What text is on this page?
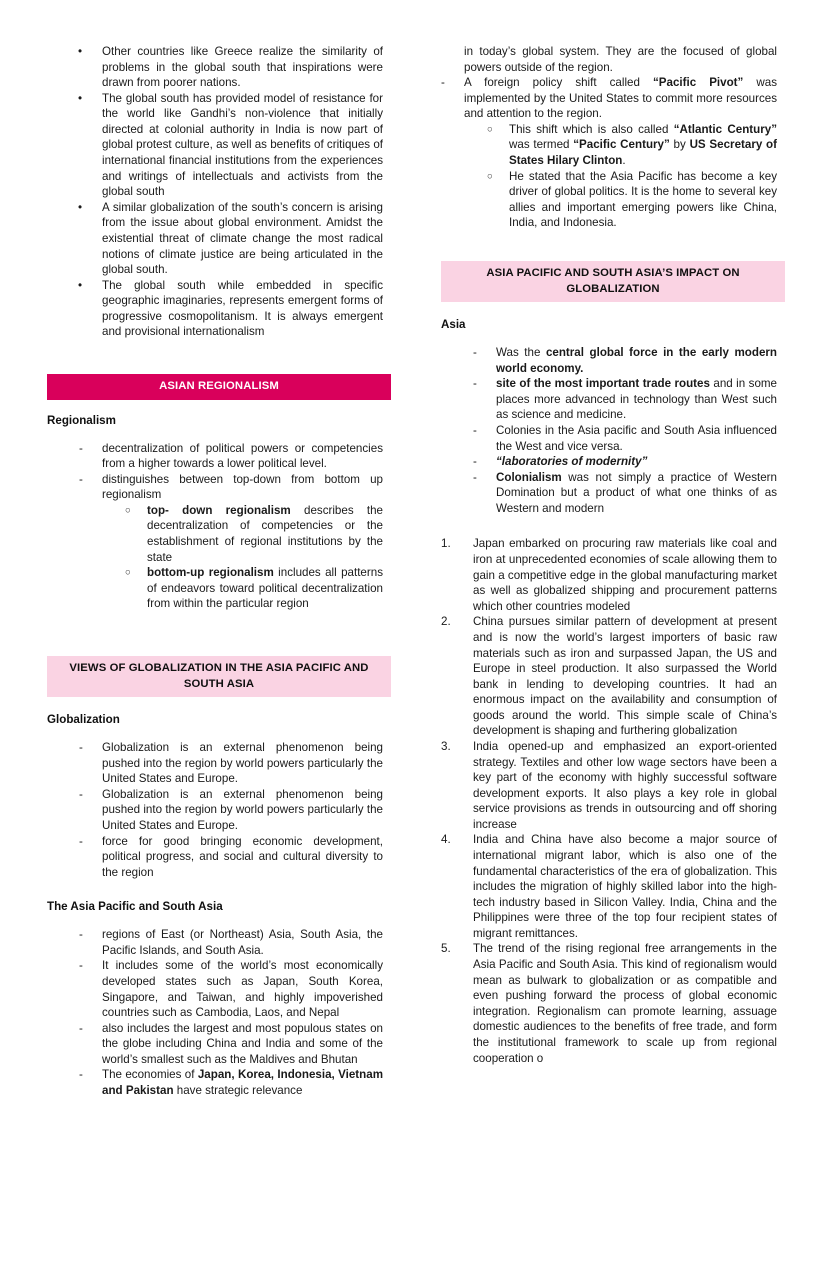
•	Other countries like Greece realize the similarity of problems in the global south that inspirations were drawn from poorer nations.
•	The global south has provided model of resistance for the world like Gandhi’s non-violence that initially directed at colonial authority in India is now part of global protest culture, as well as benefits of critiques of international financial institutions from the experiences and writings of intellectuals and activists from the global south
•	A similar globalization of the south’s concern is arising from the issue about global environment. Amidst the existential threat of climate change the most radical notions of climate justice are being articulated in the global south.
•	The global south while embedded in specific geographic imaginaries, represents emergent forms of progressive cosmopolitanism. It is always emergent and provisional internationalism
ASIAN REGIONALISM
Regionalism
-	decentralization of political powers or competencies from a higher towards a lower political level.
-	distinguishes between top-down from bottom up regionalism
○	top- down regionalism describes the decentralization of competencies or the establishment of regional institutions by the state
○	bottom-up regionalism includes all patterns of endeavors toward political decentralization from within the particular region
VIEWS OF GLOBALIZATION IN THE ASIA PACIFIC AND SOUTH ASIA
Globalization
-	Globalization is an external phenomenon being pushed into the region by world powers particularly the United States and Europe.
-	Globalization is an external phenomenon being pushed into the region by world powers particularly the United States and Europe.
-	force for good bringing economic development, political progress, and social and cultural diversity to the region
The Asia Pacific and South Asia
-	regions of East (or Northeast) Asia, South Asia, the Pacific Islands, and South Asia.
-	It includes some of the world’s most economically developed states such as Japan, South Korea, Singapore, and Taiwan, and highly impoverished countries such as Cambodia, Laos, and Nepal
-	also includes the largest and most populous states on the globe including China and India and some of the world’s smallest such as the Maldives and Bhutan
-	The economies of Japan, Korea, Indonesia, Vietnam and Pakistan have strategic relevance
in today’s global system. They are the focused of global powers outside of the region.
-	A foreign policy shift called “Pacific Pivot” was implemented by the United States to commit more resources and attention to the region.
○	This shift which is also called “Atlantic Century” was termed “Pacific Century” by US Secretary of States Hilary Clinton.
○	He stated that the Asia Pacific has become a key driver of global politics. It is the home to several key allies and important emerging powers like China, India, and Indonesia.
ASIA PACIFIC AND SOUTH ASIA’S IMPACT ON GLOBALIZATION
Asia
-	Was the central global force in the early modern world economy.
-	site of the most important trade routes and in some places more advanced in technology than West such as science and medicine.
-	Colonies in the Asia pacific and South Asia influenced the West and vice versa.
-	“laboratories of modernity”
-	Colonialism was not simply a practice of Western Domination but a product of what one thinks of as Western and modern
1.	Japan embarked on procuring raw materials like coal and iron at unprecedented economies of scale allowing them to gain a competitive edge in the global manufacturing market as well as globalized shipping and procurement patterns which other countries modeled
2.	China pursues similar pattern of development at present and is now the world’s largest importers of basic raw materials such as iron and surpassed Japan, the US and Europe in steel production. It also surpassed the World bank in lending to developing countries. It had an enormous impact on the availability and consumption of goods around the world. This simple scale of China’s development is shaping and furthering globalization
3.	India opened-up and emphasized an export-oriented strategy. Textiles and other low wage sectors have been a key part of the economy with highly successful software development exports. It also plays a key role in global service provisions as trends in outsourcing and off shoring increase
4.	India and China have also become a major source of international migrant labor, which is also one of the fundamental characteristics of the era of globalization. This includes the migration of highly skilled labor into the high- tech industry based in Silicon Valley. India, China and the Philippines were three of the top four recipient states of migrant remittances.
5.	The trend of the rising regional free arrangements in the Asia Pacific and South Asia. This kind of regionalism would mean as bulwark to globalization or as compatible and even pushing forward the process of global economic integration. Regionalism can promote learning, assuage domestic audiences to the benefits of free trade, and form the institutional framework to scale up from regional cooperation o
